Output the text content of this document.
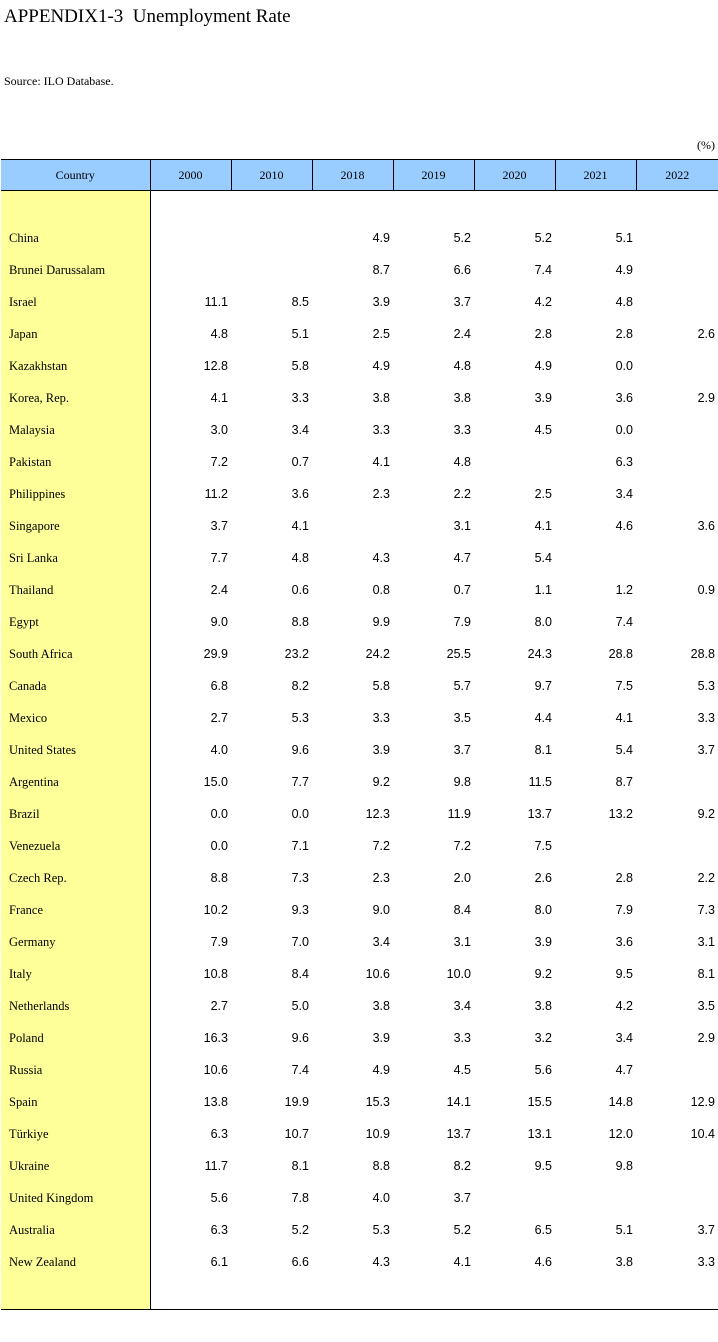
APPENDIX1-3  Unemployment Rate
Source: ILO Database.
(%)
Country	2000	2010	2018	2019	2020	2021	2022

China			4.9	5.2	5.2	5.1	
Brunei Darussalam			8.7	6.6	7.4	4.9	
Israel	11.1	8.5	3.9	3.7	4.2	4.8	
Japan	4.8	5.1	2.5	2.4	2.8	2.8	2.6
Kazakhstan	12.8	5.8	4.9	4.8	4.9	0.0	
Korea, Rep.	4.1	3.3	3.8	3.8	3.9	3.6	2.9
Malaysia	3.0	3.4	3.3	3.3	4.5	0.0	
Pakistan	7.2	0.7	4.1	4.8		6.3	
Philippines	11.2	3.6	2.3	2.2	2.5	3.4	
Singapore	3.7	4.1		3.1	4.1	4.6	3.6
Sri Lanka	7.7	4.8	4.3	4.7	5.4		
Thailand	2.4	0.6	0.8	0.7	1.1	1.2	0.9
Egypt	9.0	8.8	9.9	7.9	8.0	7.4	
South Africa	29.9	23.2	24.2	25.5	24.3	28.8	28.8
Canada	6.8	8.2	5.8	5.7	9.7	7.5	5.3
Mexico	2.7	5.3	3.3	3.5	4.4	4.1	3.3
United States	4.0	9.6	3.9	3.7	8.1	5.4	3.7
Argentina	15.0	7.7	9.2	9.8	11.5	8.7	
Brazil	0.0	0.0	12.3	11.9	13.7	13.2	9.2
Venezuela	0.0	7.1	7.2	7.2	7.5		
Czech Rep.	8.8	7.3	2.3	2.0	2.6	2.8	2.2
France	10.2	9.3	9.0	8.4	8.0	7.9	7.3
Germany	7.9	7.0	3.4	3.1	3.9	3.6	3.1
Italy	10.8	8.4	10.6	10.0	9.2	9.5	8.1
Netherlands	2.7	5.0	3.8	3.4	3.8	4.2	3.5
Poland	16.3	9.6	3.9	3.3	3.2	3.4	2.9
Russia	10.6	7.4	4.9	4.5	5.6	4.7	
Spain	13.8	19.9	15.3	14.1	15.5	14.8	12.9
Türkiye	6.3	10.7	10.9	13.7	13.1	12.0	10.4
Ukraine	11.7	8.1	8.8	8.2	9.5	9.8	
United Kingdom	5.6	7.8	4.0	3.7			
Australia	6.3	5.2	5.3	5.2	6.5	5.1	3.7
New Zealand	6.1	6.6	4.3	4.1	4.6	3.8	3.3
